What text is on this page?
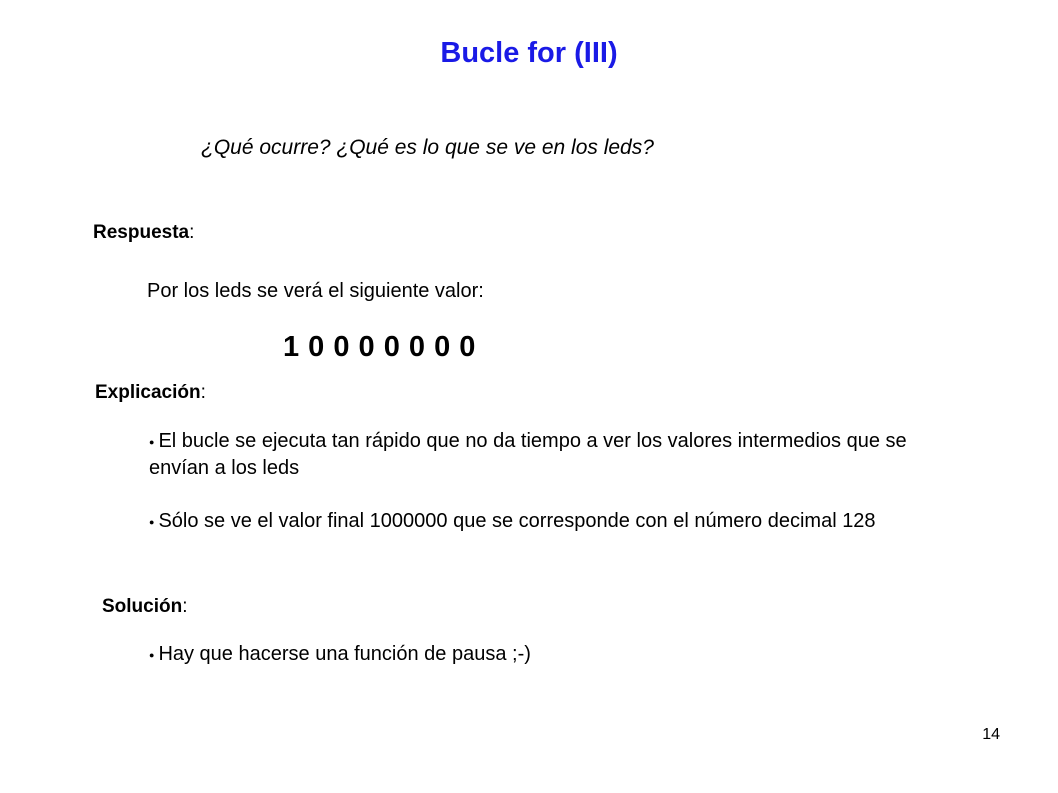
Bucle for (III)
¿Qué ocurre? ¿Qué es lo que se ve en los leds?
Respuesta:
Por los leds se verá el siguiente valor:
1 0 0 0 0 0 0 0
Explicación:
● El bucle se ejecuta tan rápido que no da tiempo a ver los valores intermedios que se envían a los leds
● Sólo se ve el valor final 1000000 que se corresponde con el número decimal 128
Solución:
● Hay que hacerse una función de pausa ;-)
14
